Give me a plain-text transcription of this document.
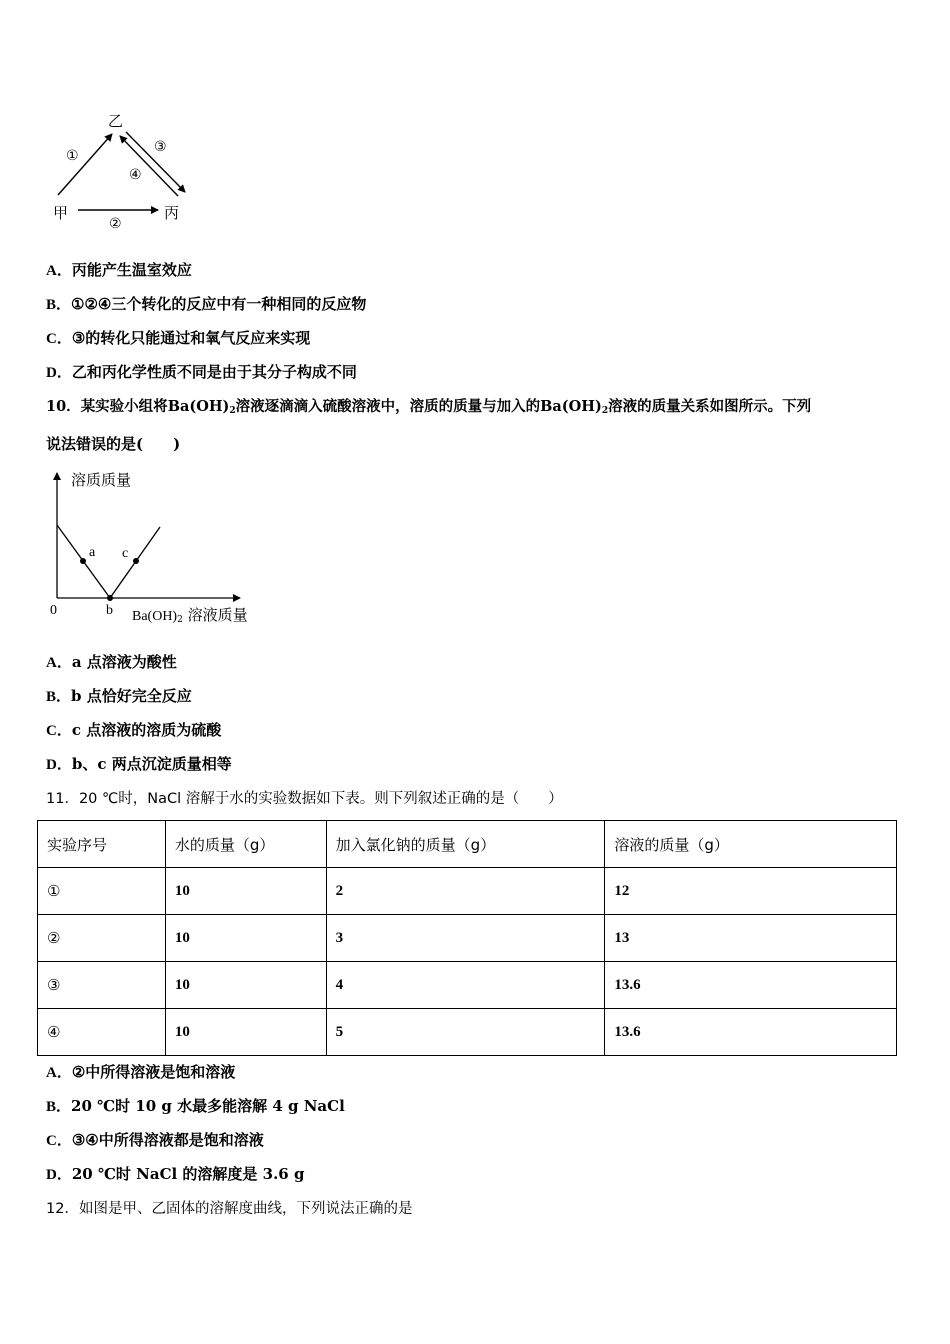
乙
甲	丙
①
②
③
④
A．丙能产生温室效应
B．①②④三个转化的反应中有一种相同的反应物
C．③的转化只能通过和氧气反应来实现
D．乙和丙化学性质不同是由于其分子构成不同
10．某实验小组将$Ba(OH)_2$溶液逐滴滴入硫酸溶液中，溶质的质量与加入的$Ba(OH)_2$溶液的质量关系如图所示。下列
说法错误的是(　　)
溶质质量
0
a
b
c
$Ba(OH)_2$ 溶液质量
A．a 点溶液为酸性
B．b 点恰好完全反应
C．c 点溶液的溶质为硫酸
D．b、c 两点沉淀质量相等
11．20 ℃时，NaCl 溶解于水的实验数据如下表。则下列叙述正确的是（　　）
实验序号	水的质量（g）	加入氯化钠的质量（g）	溶液的质量（g）
①	10	2	12
②	10	3	13
③	10	4	13.6
④	10	5	13.6
A．②中所得溶液是饱和溶液
B．20 ℃时 10 g 水最多能溶解 4 g NaCl
C．③④中所得溶液都是饱和溶液
D．20 ℃时 NaCl 的溶解度是 3.6 g
12．如图是甲、乙固体的溶解度曲线，下列说法正确的是
